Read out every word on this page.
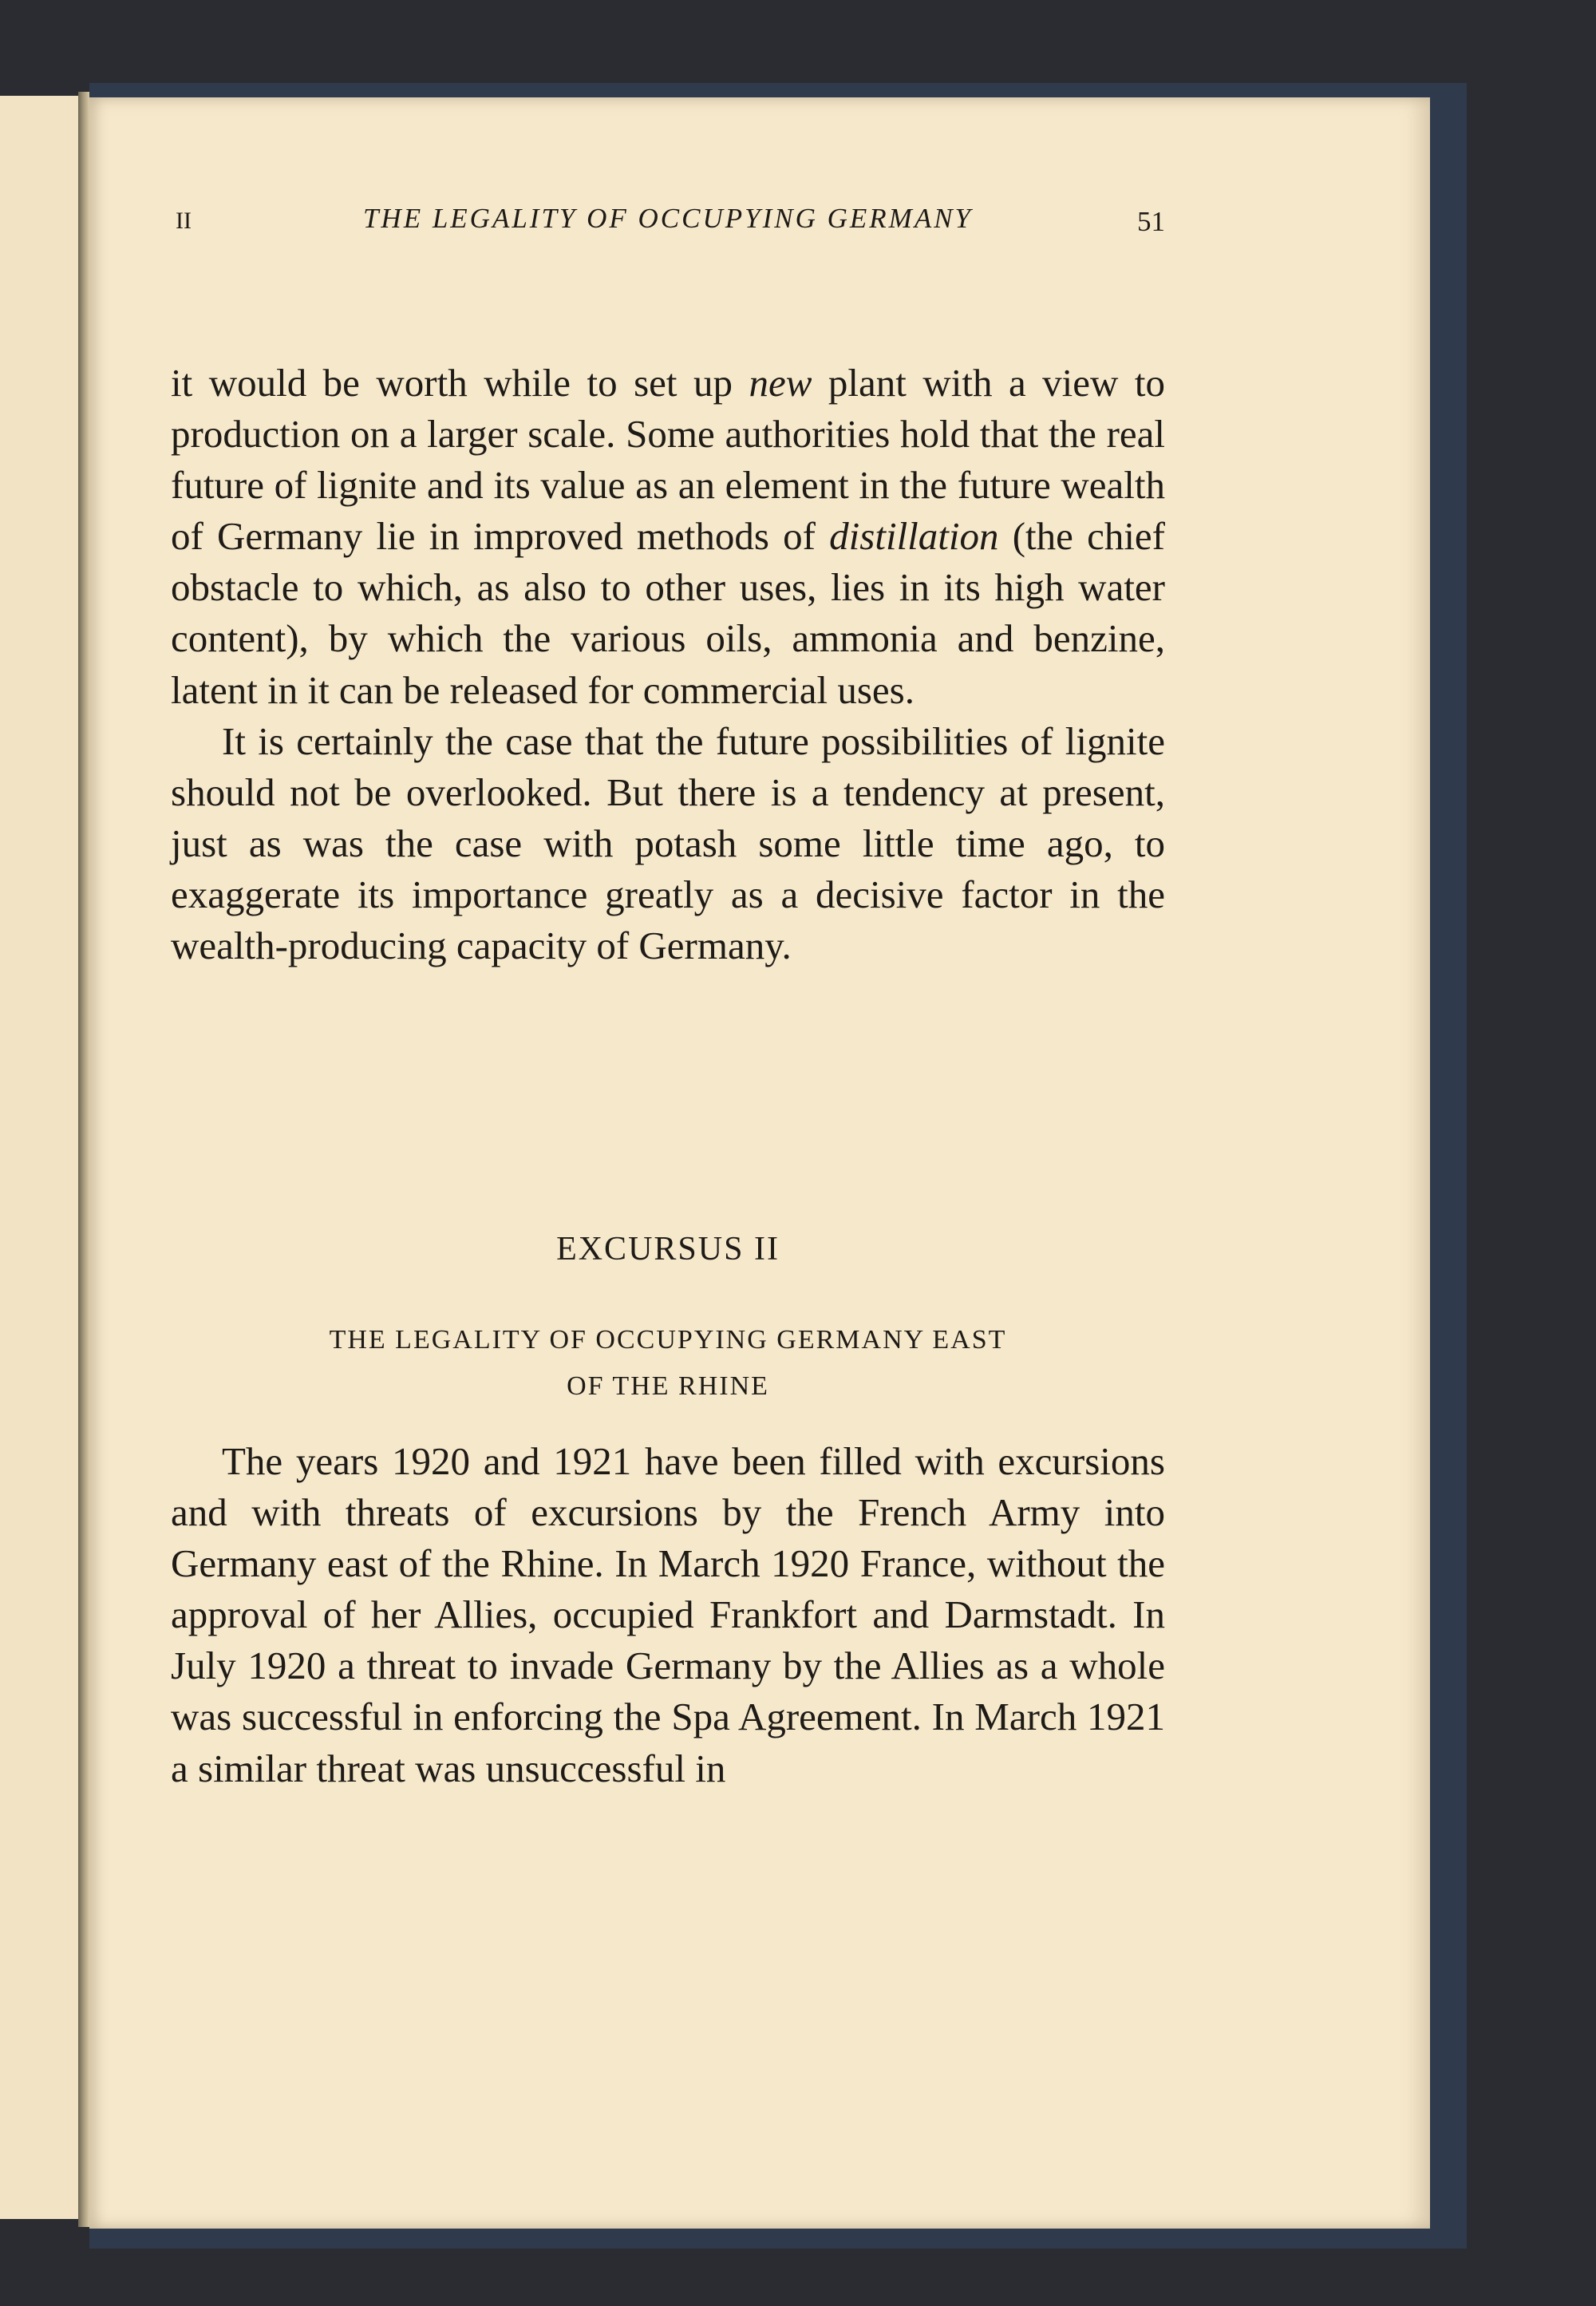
II	THE LEGALITY OF OCCUPYING GERMANY	51

it would be worth while to set up new plant with a view to production on a larger scale. Some authorities hold that the real future of lignite and its value as an element in the future wealth of Germany lie in improved methods of distillation (the chief obstacle to which, as also to other uses, lies in its high water content), by which the various oils, ammonia and benzine, latent in it can be released for commercial uses.

It is certainly the case that the future possibilities of lignite should not be overlooked. But there is a tendency at present, just as was the case with potash some little time ago, to exaggerate its importance greatly as a decisive factor in the wealth-producing capacity of Germany.

EXCURSUS II
THE LEGALITY OF OCCUPYING GERMANY EAST
OF THE RHINE

The years 1920 and 1921 have been filled with excursions and with threats of excursions by the French Army into Germany east of the Rhine. In March 1920 France, without the approval of her Allies, occupied Frankfort and Darmstadt. In July 1920 a threat to invade Germany by the Allies as a whole was successful in enforcing the Spa Agreement. In March 1921 a similar threat was unsuccessful in
